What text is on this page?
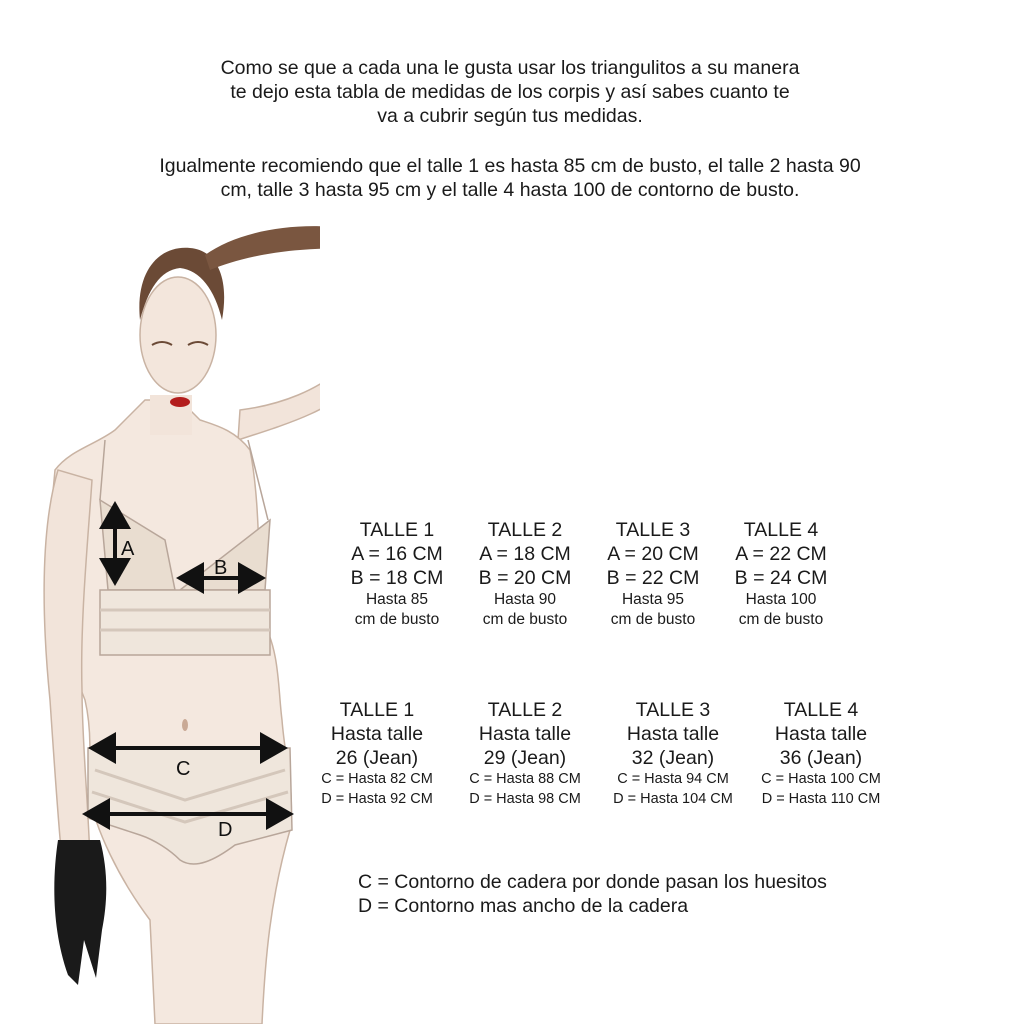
Como se que a cada una le gusta usar los triangulitos a su manera

te dejo esta tabla de medidas de los corpis y así sabes cuanto te

va a cubrir según tus medidas.

Igualmente recomiendo que el talle 1 es hasta 85 cm de busto, el talle 2 hasta 90

cm, talle 3 hasta 95 cm y el talle 4 hasta 100 de contorno de busto.

A
B
C
D
TALLE 1
A = 16 CM
B = 18 CM
Hasta 85
cm de busto
TALLE 2
A = 18 CM
B = 20 CM
Hasta 90
cm de busto
TALLE 3
A = 20 CM
B = 22 CM
Hasta 95
cm de busto
TALLE 4
A = 22 CM
B = 24 CM
Hasta 100
cm de busto
TALLE 1
Hasta talle
26 (Jean)
C = Hasta 82 CM
D = Hasta 92 CM
TALLE 2
Hasta talle
29 (Jean)
C = Hasta 88 CM
D = Hasta 98 CM
TALLE 3
Hasta talle
32 (Jean)
C = Hasta 94 CM
D = Hasta 104 CM
TALLE 4
Hasta talle
36 (Jean)
C = Hasta 100 CM
D = Hasta 110 CM

C = Contorno de cadera por donde pasan los huesitos

D = Contorno mas ancho de la cadera
